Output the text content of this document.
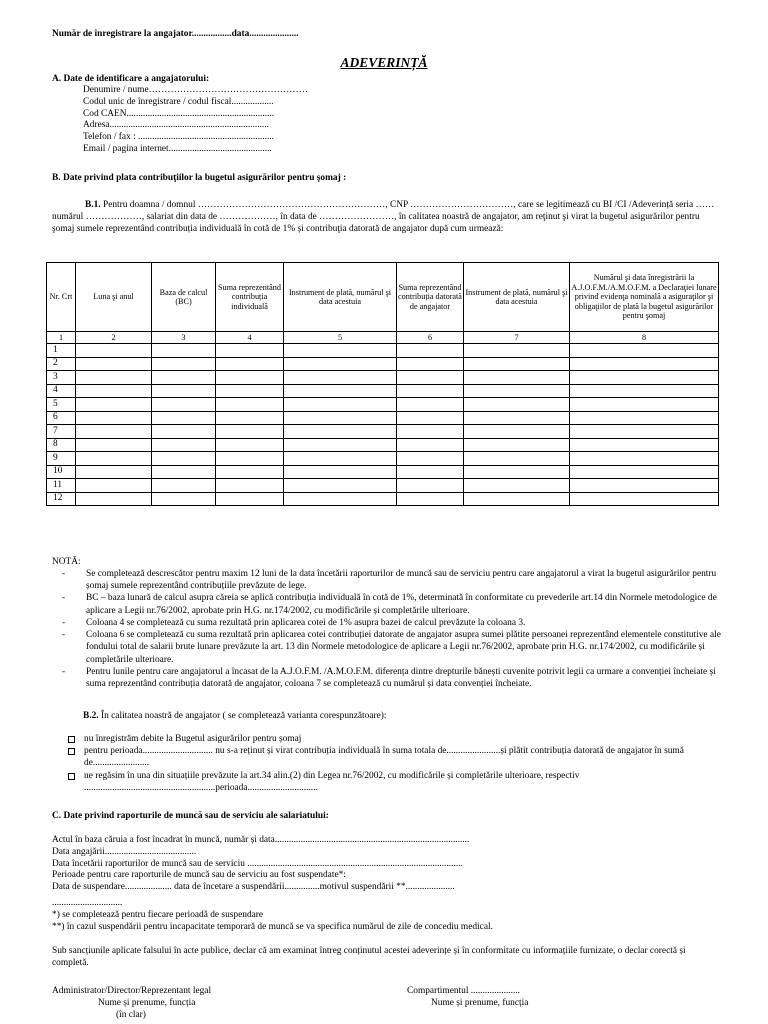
Număr de înregistrare la angajator.................data.....................
ADEVERINȚĂ
A. Date de identificare a angajatorului:
Denumire / nume……………………………………………
Codul unic de înregistrare / codul fiscal..................
Cod CAEN...............................................................
Adresa....................................................................
Telefon / fax : ..........................................................
Email / pagina internet............................................
B. Date privind plata contribuţiilor la bugetul asigurărilor pentru şomaj :
B.1. Pentru doamna / domnul ……………………………………………………, CNP ……………………………, care se legitimează cu BI /CI /Adeverință seria …… numărul ………………, salariat din data de ………………, în data de ……………………, în calitatea noastră de angajator, am reţinut şi virat la bugetul asigurărilor pentru şomaj sumele reprezentând contribuția individuală în cotă de 1% și contribuţia datorată de angajator după cum urmează:
Nr. Crt	Luna şi anul	Baza de calcul (BC)	Suma reprezentând contribuția individuală	Instrument de plată, numărul şi data acestuia	Suma reprezentând contribuția datorată de angajator	Instrument de plată, numărul şi data acestuia	Numărul şi data înregistrării la A.J.O.F.M./A.M.O.F.M. a Declaraţiei lunare privind evidenţa nominală a asiguraţilor şi obligaţiilor de plată la bugetul asigurărilor pentru şomaj
1	2	3	4	5	6	7	8
1							
2							
3							
4							
5							
6							
7							
8							
9							
10							
11							
12							
NOTĂ:
- Se completează descrescător pentru maxim 12 luni de la data încetării raporturilor de muncă sau de serviciu pentru care angajatorul a virat la bugetul asigurărilor pentru șomaj sumele reprezentând contribuțiile prevăzute de lege.
- BC – baza lunară de calcul asupra căreia se aplică contribuția individuală în cotă de 1%, determinată în conformitate cu prevederile art.14 din Normele metodologice de aplicare a Legii nr.76/2002, aprobate prin H.G. nr.174/2002, cu modificările și completările ulterioare.
- Coloana 4 se completează cu suma rezultată prin aplicarea cotei de 1% asupra bazei de calcul prevăzute la coloana 3.
- Coloana 6 se completează cu suma rezultată prin aplicarea cotei contribuției datorate de angajator asupra sumei plătite persoanei reprezentând elementele constitutive ale fondului total de salarii brute lunare prevăzute la art. 13 din Normele metodologice de aplicare a Legii nr.76/2002, aprobate prin H.G. nr.174/2002, cu modificările și completările ulterioare.
- Pentru lunile pentru care angajatorul a încasat de la A.J.O.F.M. /A.M.O.F.M. diferența dintre drepturile bănești cuvenite potrivit legii ca urmare a convenției încheiate și suma reprezentând contribuția datorată de angajator, coloana 7 se completează cu numărul și data convenției încheiate.
B.2. În calitatea noastră de angajator ( se completează varianta corespunzătoare):
nu înregistrăm debite la Bugetul asigurărilor pentru șomaj
pentru perioada.............................. nu s-a reținut și virat contribuția individuală în suma totala de.......................și plătit contribuția datorată de angajator în sumă de........................
ne regăsim în una din situațiile prevăzute la art.34 alin.(2) din Legea nr.76/2002, cu modificările și completările ulterioare, respectiv ........................................................perioada..............................
C. Date privind raporturile de muncă sau de serviciu ale salariatului:
Actul în baza căruia a fost încadrat în muncă, număr și data...................................................................................
Data angajării.......................................
Data încetării raporturilor de muncă sau de serviciu ............................................................................................
Perioade pentru care raporturile de muncă sau de serviciu au fost suspendate*:
Data de suspendare.................... data de încetare a suspendării...............motivul suspendării **.....................
..............................
*) se completează pentru fiecare perioadă de suspendare
**) în cazul suspendării pentru incapacitate temporară de muncă se va specifica numărul de zile de concediu medical.
Sub sancțiunile aplicate falsului în acte publice, declar că am examinat întreg conținutul acestei adeverințe și în conformitate cu informațiile furnizate, o declar corectă și completă.
Administrator/Director/Reprezentant legal
Nume și prenume, funcția
(în clar)
Compartimentul .....................
Nume și prenume, funcția
